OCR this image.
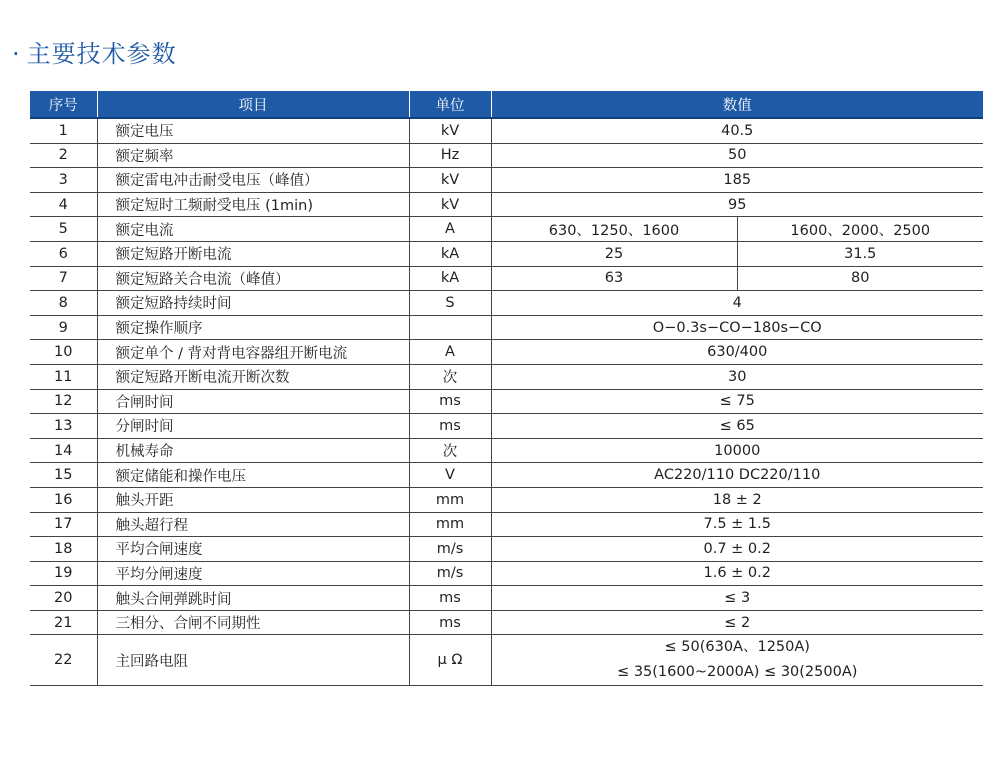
· 主要技术参数
序号	项目	单位	数值	
1	额定电压	kV	40.5	
2	额定频率	Hz	50	
3	额定雷电冲击耐受电压（峰值）	kV	185	
4	额定短时工频耐受电压 (1min)	kV	95	
5	额定电流	A	630、1250、1600	1600、2000、2500
6	额定短路开断电流	kA	25	31.5
7	额定短路关合电流（峰值）	kA	63	80
8	额定短路持续时间	S	4	
9	额定操作顺序		O−0.3s−CO−180s−CO	
10	额定单个 / 背对背电容器组开断电流	A	630/400	
11	额定短路开断电流开断次数	次	30	
12	合闸时间	ms	≤ 75	
13	分闸时间	ms	≤ 65	
14	机械寿命	次	10000	
15	额定储能和操作电压	V	AC220/110 DC220/110	
16	触头开距	mm	18 ± 2	
17	触头超行程	mm	7.5 ± 1.5	
18	平均合闸速度	m/s	0.7 ± 0.2	
19	平均分闸速度	m/s	1.6 ± 0.2	
20	触头合闸弹跳时间	ms	≤ 3	
21	三相分、合闸不同期性	ms	≤ 2	
22	主回路电阻	μ Ω	≤ 50(630A、1250A)
≤ 35(1600~2000A) ≤ 30(2500A)	
